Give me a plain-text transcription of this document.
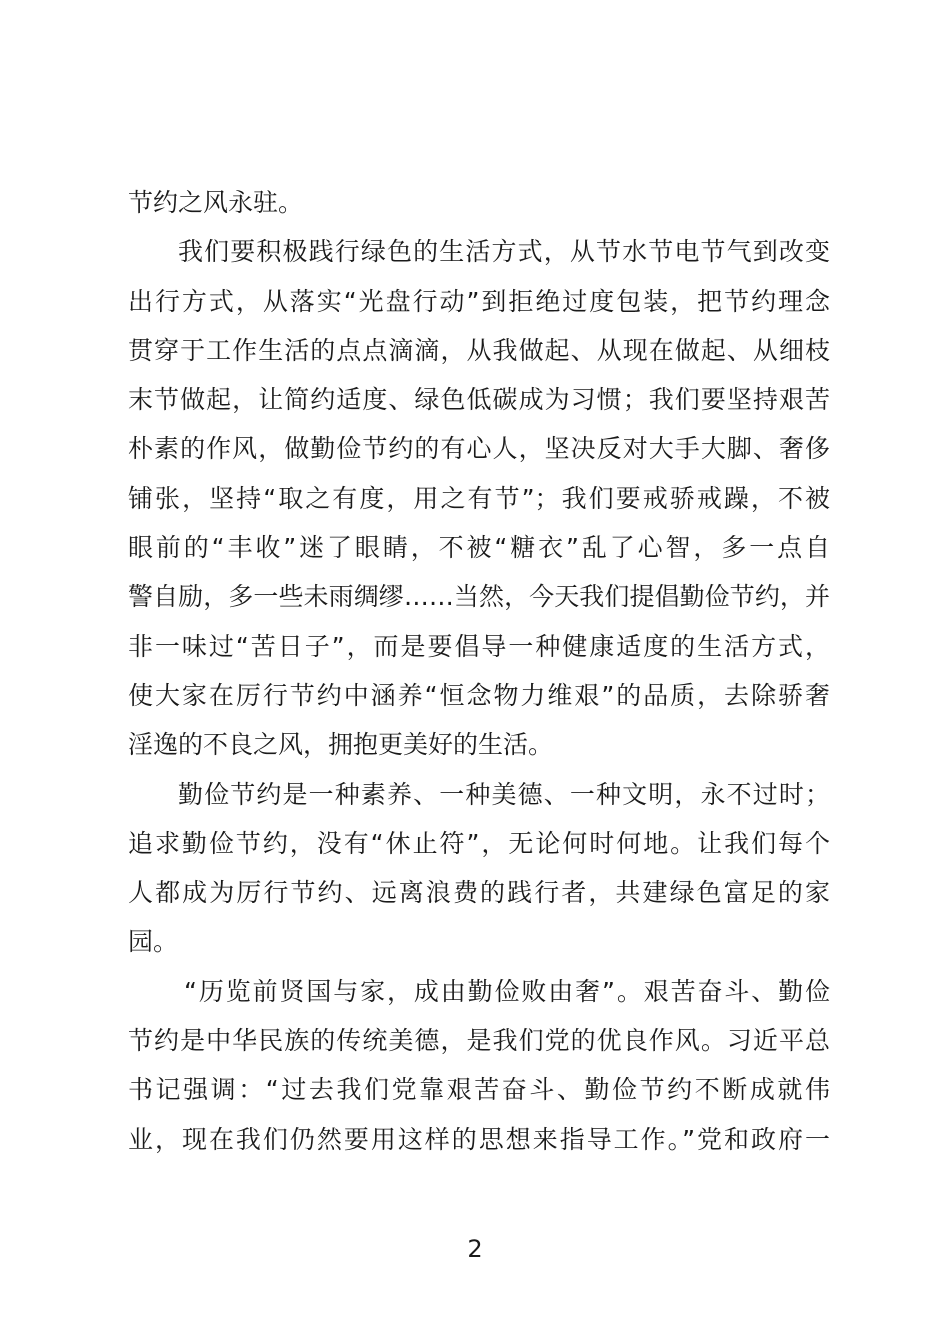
节约之风永驻。
我们要积极践行绿色的生活方式，从节水节电节气到改变
出行方式，从落实“光盘行动”到拒绝过度包装，把节约理念
贯穿于工作生活的点点滴滴，从我做起、从现在做起、从细枝
末节做起，让简约适度、绿色低碳成为习惯；我们要坚持艰苦
朴素的作风，做勤俭节约的有心人，坚决反对大手大脚、奢侈
铺张，坚持“取之有度，用之有节”；我们要戒骄戒躁，不被
眼前的“丰收”迷了眼睛，不被“糖衣”乱了心智，多一点自
警自励，多一些未雨绸缪……当然，今天我们提倡勤俭节约，并
非一味过“苦日子”，而是要倡导一种健康适度的生活方式，
使大家在厉行节约中涵养“恒念物力维艰”的品质，去除骄奢
淫逸的不良之风，拥抱更美好的生活。
勤俭节约是一种素养、一种美德、一种文明，永不过时；
追求勤俭节约，没有“休止符”，无论何时何地。让我们每个
人都成为厉行节约、远离浪费的践行者，共建绿色富足的家
园。
“历览前贤国与家，成由勤俭败由奢”。艰苦奋斗、勤俭
节约是中华民族的传统美德，是我们党的优良作风。习近平总
书记强调：“过去我们党靠艰苦奋斗、勤俭节约不断成就伟
业，现在我们仍然要用这样的思想来指导工作。”党和政府一
2
